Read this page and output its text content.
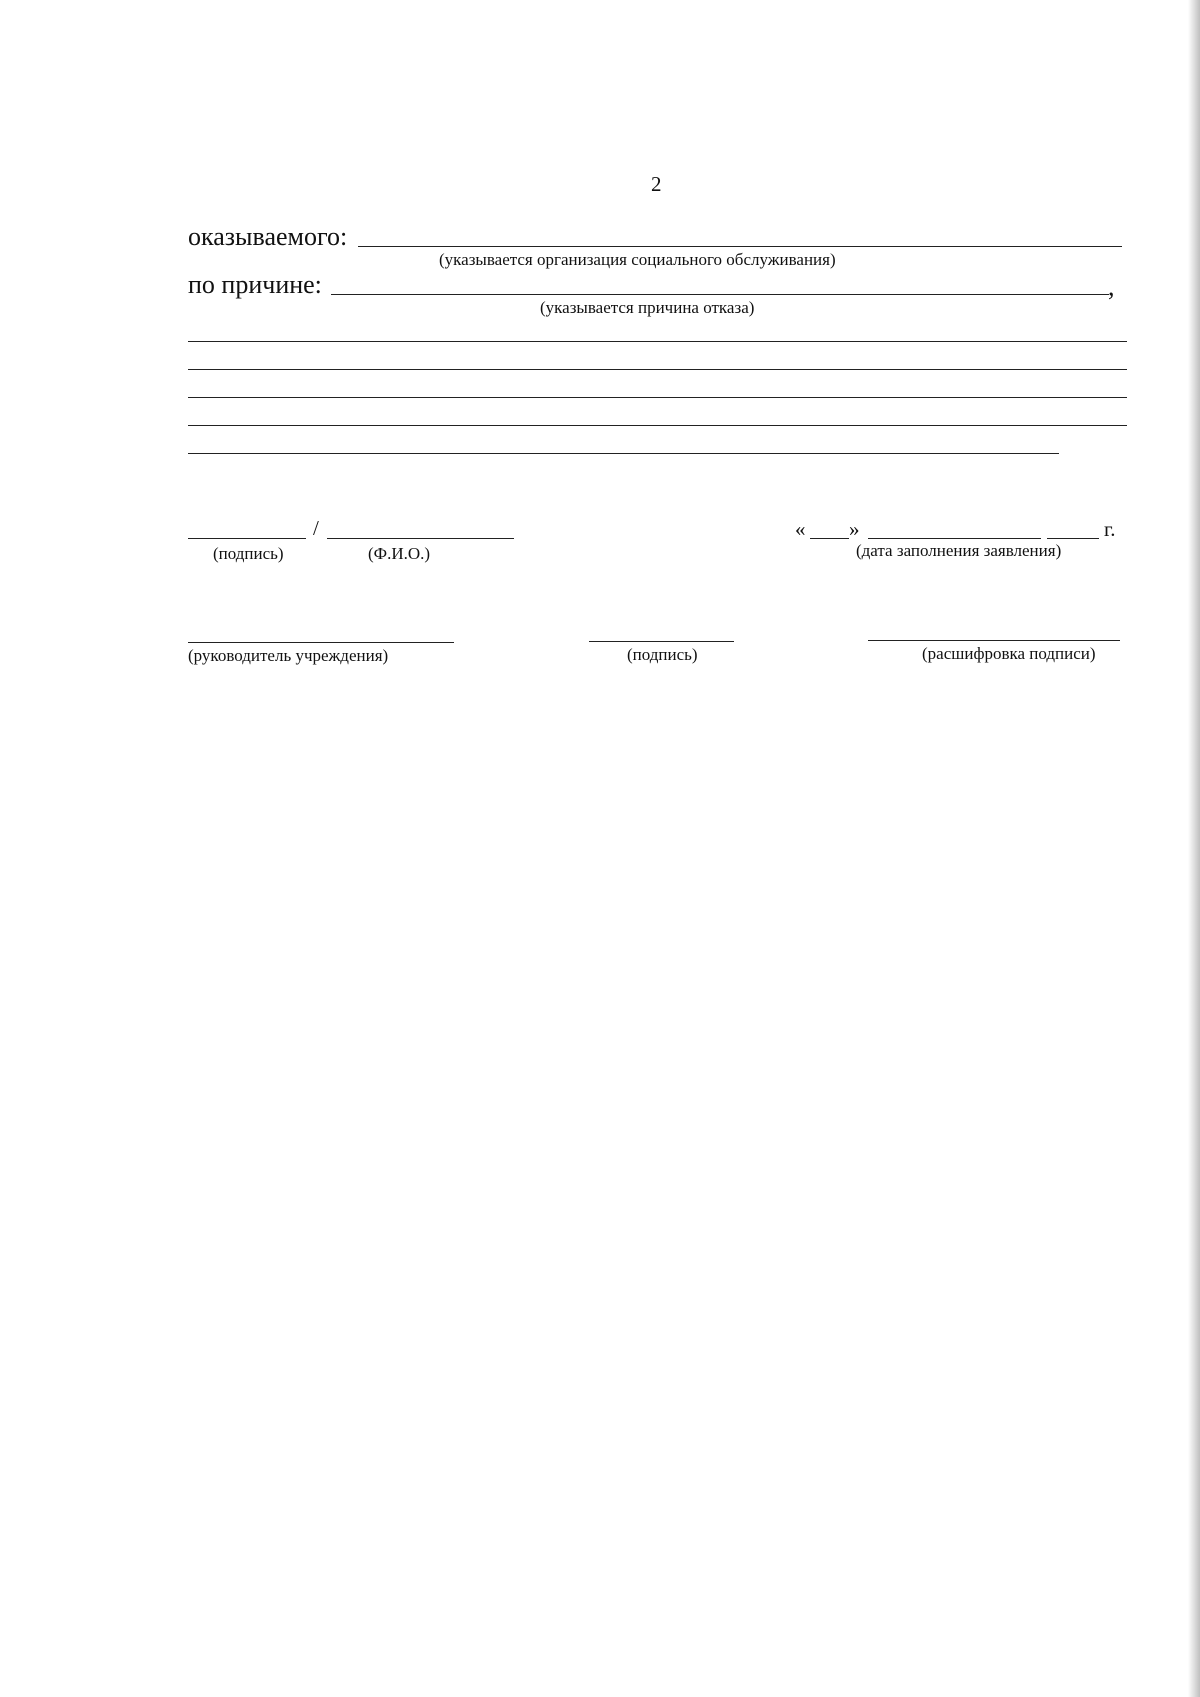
2
оказываемого:
(указывается организация социального обслуживания)
по причине:	,
(указывается причина отказа)
/
(подпись)	(Ф.И.О.)
« »	г.
(дата заполнения заявления)
(руководитель учреждения)	(подпись)	(расшифровка подписи)
